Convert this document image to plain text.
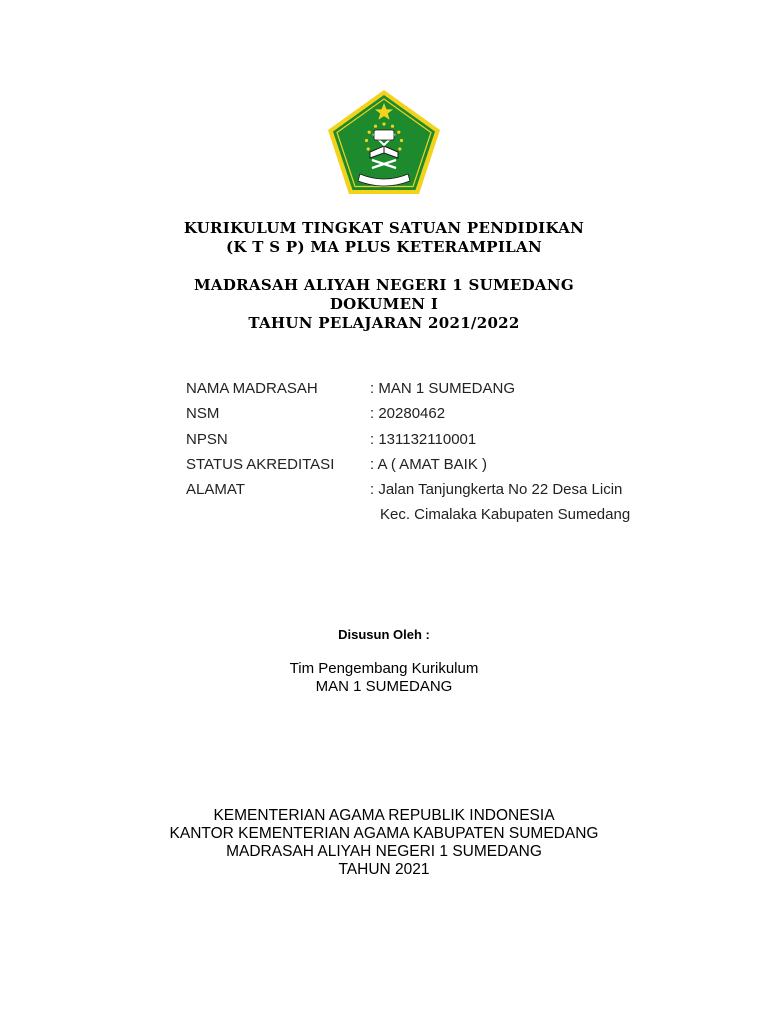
KURIKULUM TINGKAT SATUAN PENDIDIKAN
(K T S P) MA PLUS KETERAMPILAN
MADRASAH ALIYAH NEGERI 1 SUMEDANG
DOKUMEN I
TAHUN PELAJARAN 2021/2022
NAMA MADRASAH	: MAN 1 SUMEDANG
NSM	: 20280462
NPSN	: 131132110001
STATUS AKREDITASI : A ( AMAT BAIK )
ALAMAT	: Jalan Tanjungkerta No 22 Desa Licin
Kec. Cimalaka Kabupaten Sumedang
Disusun Oleh :
Tim Pengembang Kurikulum
MAN 1 SUMEDANG
KEMENTERIAN AGAMA REPUBLIK INDONESIA
KANTOR KEMENTERIAN AGAMA KABUPATEN SUMEDANG
MADRASAH ALIYAH NEGERI 1 SUMEDANG
TAHUN 2021
